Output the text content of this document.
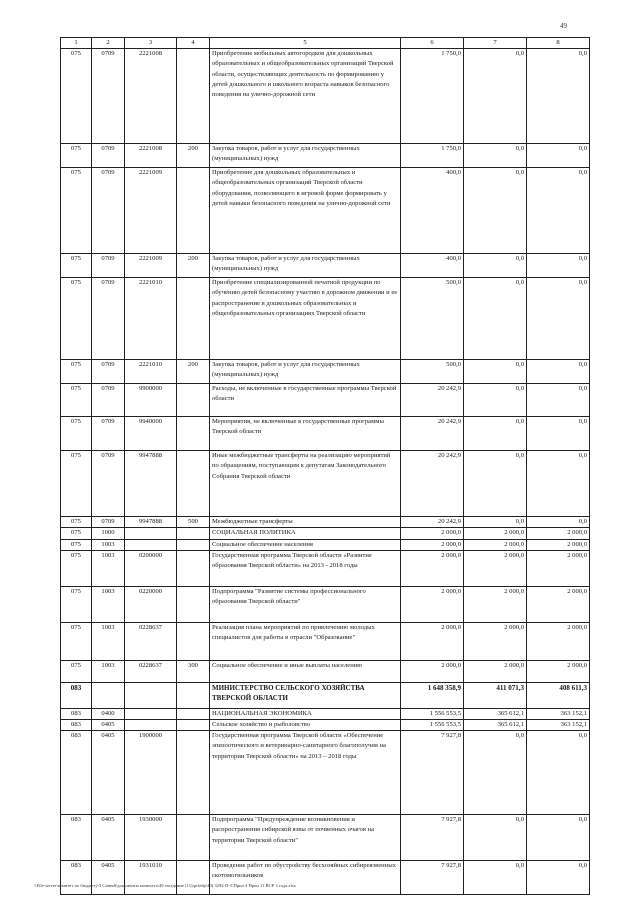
49
1	2	3	4	5	6	7	8
075	0709	2221008		Приобретение мобильных автогородков для дошкольных образовательных и общеобразовательных организаций Тверской области, осуществляющих деятельность по формированию у детей дошкольного и школьного возраста навыков безопасного поведения на улично-дорожной сети	1 750,0	0,0	0,0
075	0709	2221008	200	Закупка товаров, работ и услуг для государственных (муниципальных) нужд	1 750,0	0,0	0,0
075	0709	2221009		Приобретение для дошкольных образовательных и общеобразовательных организаций Тверской области оборудования, позволяющего в игровой форме формировать у детей навыки безопасного поведения на улично-дорожной сети	400,0	0,0	0,0
075	0709	2221009	200	Закупка товаров, работ и услуг для государственных (муниципальных) нужд	400,0	0,0	0,0
075	0709	2221010		Приобретение специализированной печатной продукции по обучению детей безопасному участию в дорожном движении и ее распространение в дошкольных образовательных и общеобразовательных организациях Тверской области	500,0	0,0	0,0
075	0709	2221010	200	Закупка товаров, работ и услуг для государственных (муниципальных) нужд	500,0	0,0	0,0
075	0709	9900000		Расходы, не включенные в государственные программы Тверской области	20 242,9	0,0	0,0
075	0709	9940000		Мероприятия, не включенные в государственные программы Тверской области	20 242,9	0,0	0,0
075	0709	9947888		Иные межбюджетные трансферты на реализацию мероприятий по обращениям, поступающим к депутатам Законодательного Собрания Тверской области	20 242,9	0,0	0,0
075	0709	9947888	500	Межбюджетные трансферты	20 242,9	0,0	0,0
075	1000			СОЦИАЛЬНАЯ ПОЛИТИКА	2 000,0	2 000,0	2 000,0
075	1003			Социальное обеспечение населения	2 000,0	2 000,0	2 000,0
075	1003	0200000		Государственная программа Тверской области «Развитие образования Тверской области» на 2013 - 2018 годы	2 000,0	2 000,0	2 000,0
075	1003	0220000		Подпрограмма "Развитие системы профессионального образования Тверской области"	2 000,0	2 000,0	2 000,0
075	1003	0228637		Реализация плана мероприятий по привлечению молодых специалистов для работы в отрасли "Образование"	2 000,0	2 000,0	2 000,0
075	1003	0228637	300	Социальное обеспечение и иные выплаты населению	2 000,0	2 000,0	2 000,0
083				МИНИСТЕРСТВО СЕЛЬСКОГО ХОЗЯЙСТВА ТВЕРСКОЙ ОБЛАСТИ	1 648 358,9	411 071,3	408 611,3
083	0400			НАЦИОНАЛЬНАЯ ЭКОНОМИКА	1 556 553,5	365 612,1	363 152,1
083	0405			Сельское хозяйство и рыболовство	1 556 553,5	365 612,1	363 152,1
083	0405	1900000		Государственная программа Тверской области «Обеспечение эпизоотического и ветеринарно-санитарного благополучия на территории Тверской области» на 2013 – 2018 годы	7 927,8	0,0	0,0
083	0405	1930000		Подпрограмма "Предупреждение возникновения и распространения сибирской язвы от почвенных очагов на территории Тверской области"	7 927,8	0,0	0,0
083	0405	1931010		Проведение работ по обустройству бесхозяйных сибиреязвенных скотомогильников	7 927,8	0,0	0,0
\\File-server\комитет по бюджету\5 Самый\документы комитета\49 заседание (11)\prfzdp\49) 3292-П-5\Прил 4 Прил 11 ВСР 3 года.xlsx
